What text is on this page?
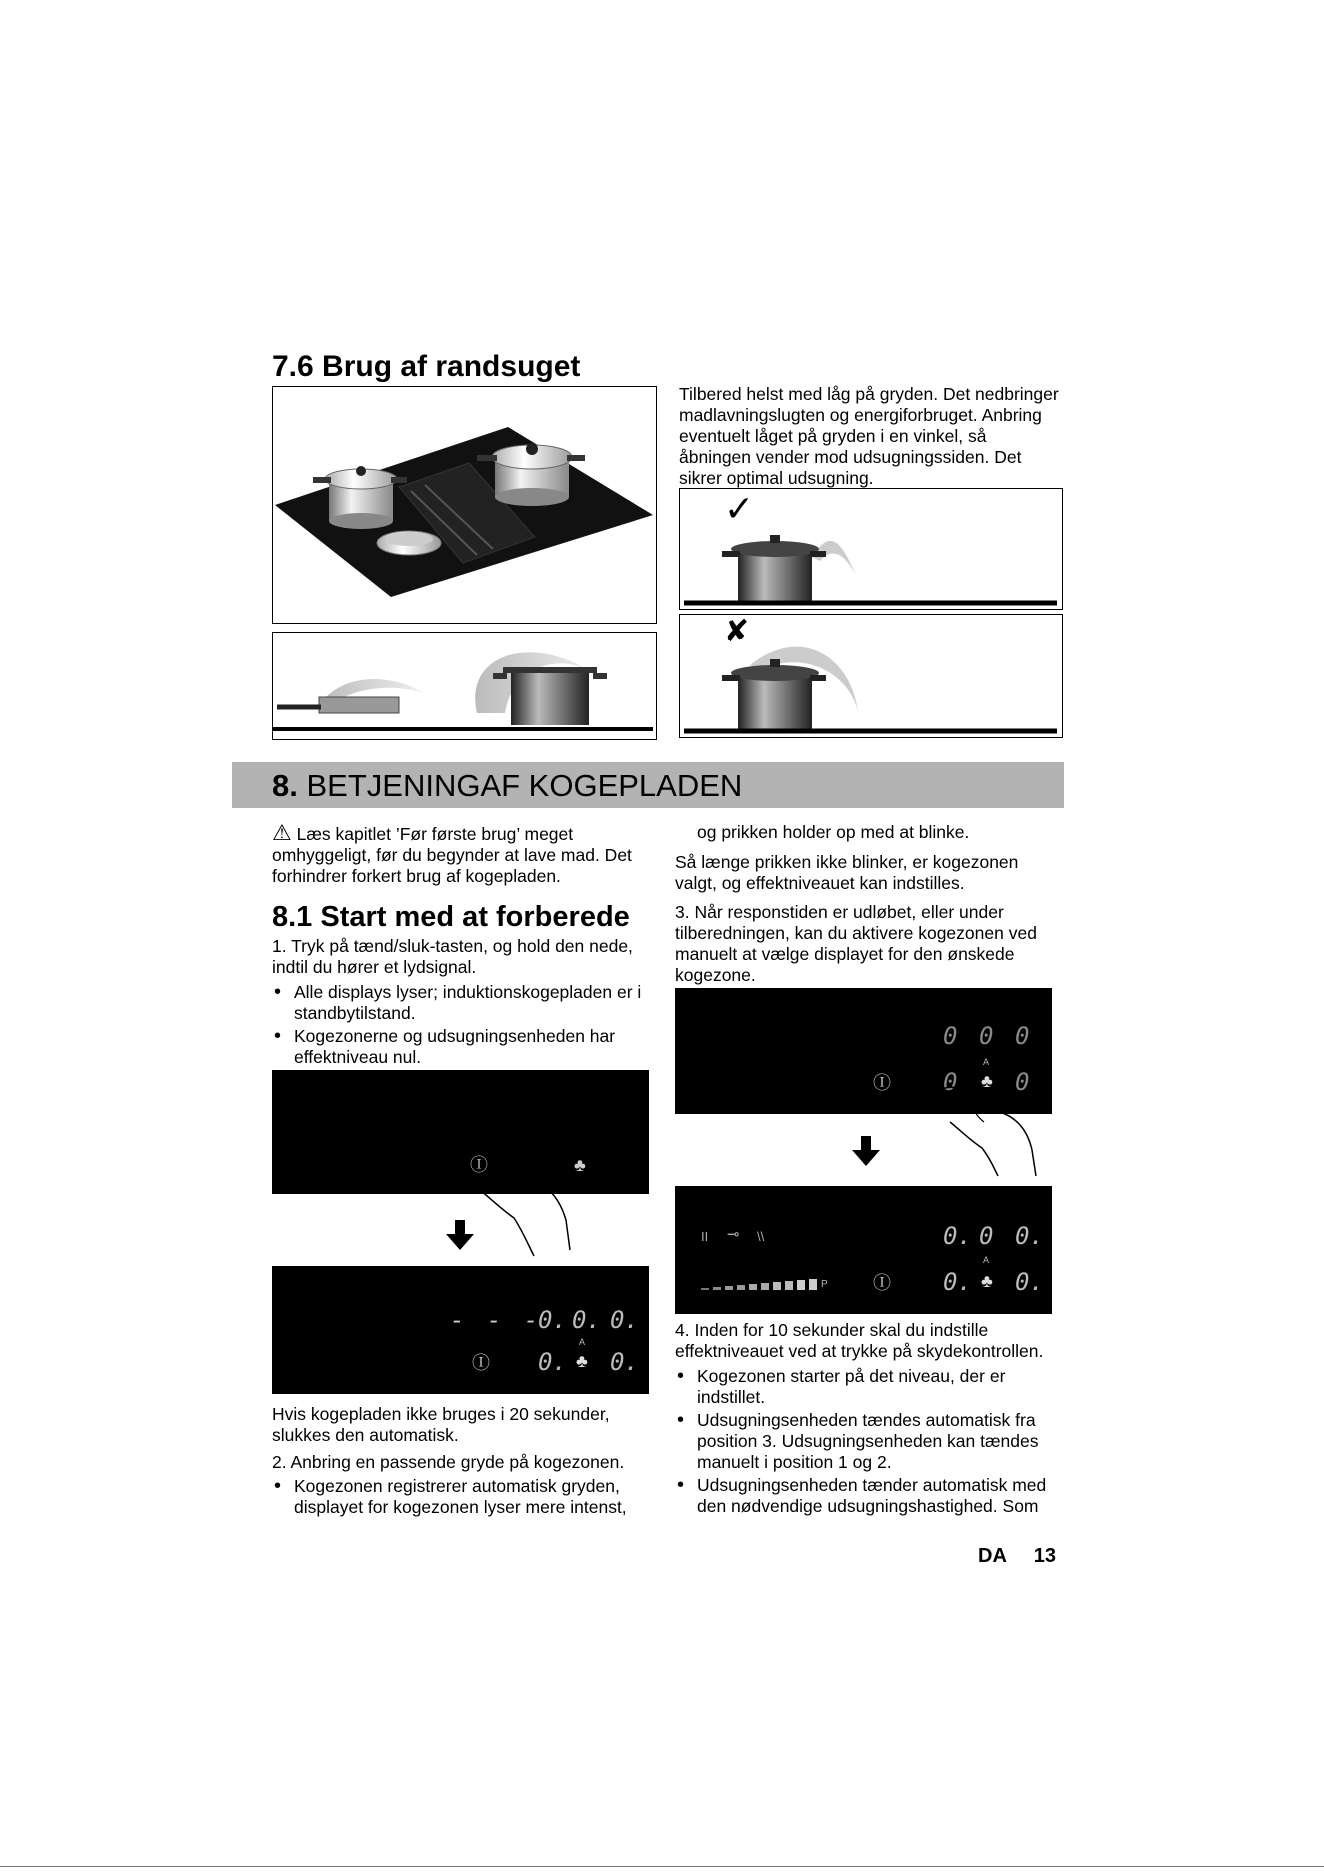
7.6 Brug af randsuget
Tilbered helst med låg på gryden. Det nedbringer madlavningslugten og energiforbruget. Anbring eventuelt låget på gryden i en vinkel, så åbningen vender mod udsugningssiden. Det sikrer optimal udsugning.
✓
✘
8. BETJENINGAF KOGEPLADEN
⚠ Læs kapitlet ’Før første brug’ meget omhyggeligt, før du begynder at lave mad. Det forhindrer forkert brug af kogepladen.
8.1 Start med at forberede
1. Tryk på tænd/sluk-tasten, og hold den nede, indtil du hører et lydsignal.
• Alle displays lyser; induktionskogepladen er i standbytilstand.
• Kogezonerne og udsugningsenheden har effektniveau nul.
Ⓘ	♣
- - -
0. 0. 0.
A
Ⓘ 0. ♣ 0.
Hvis kogepladen ikke bruges i 20 sekunder, slukkes den automatisk.
2. Anbring en passende gryde på kogezonen.
• Kogezonen registrerer automatisk gryden, displayet for kogezonen lyser mere intenst,
og prikken holder op med at blinke.
Så længe prikken ikke blinker, er kogezonen valgt, og effektniveauet kan indstilles.
3. Når responstiden er udløbet, eller under tilberedningen, kan du aktivere kogezonen ved manuelt at vælge displayet for den ønskede kogezone.
0 0 0
A
Ⓘ 0 ♣ 0
II ⊸ \\	0. 0 0.
A
P	Ⓘ 0. ♣ 0.
4. Inden for 10 sekunder skal du indstille effektniveauet ved at trykke på skydekontrollen.
• Kogezonen starter på det niveau, der er indstillet.
• Udsugningsenheden tændes automatisk fra position 3. Udsugningsenheden kan tændes manuelt i position 1 og 2.
• Udsugningsenheden tænder automatisk med den nødvendige udsugningshastighed. Som
DA 13
